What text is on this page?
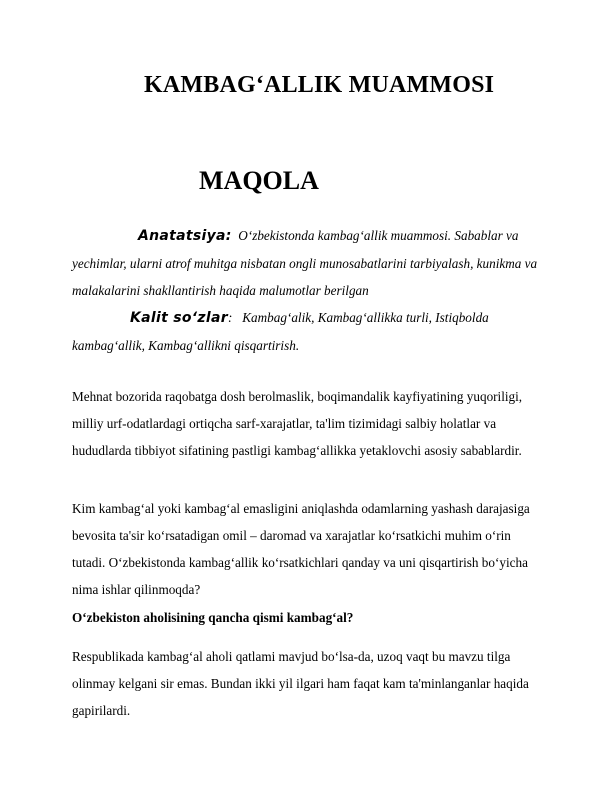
KAMBAG‘ALLIK MUAMMOSI
MAQOLA
Anatatsiya: O‘zbekistonda kambag‘allik muammosi. Sabablar va yechimlar, ularni atrof muhitga nisbatan ongli munosabatlarini tarbiyalash, kunikma va malakalarini shakllantirish haqida malumotlar berilgan
Kalit so‘zlar: Kambag‘alik, Kambag‘allikka turli, Istiqbolda kambag‘allik, Kambag‘allikni qisqartirish.
Mehnat bozorida raqobatga dosh berolmaslik, boqimandalik kayfiyatining yuqoriligi, milliy urf-odatlardagi ortiqcha sarf-xarajatlar, ta'lim tizimidagi salbiy holatlar va hududlarda tibbiyot sifatining pastligi kambag‘allikka yetaklovchi asosiy sabablardir.
Kim kambag‘al yoki kambag‘al emasligini aniqlashda odamlarning yashash darajasiga bevosita ta'sir ko‘rsatadigan omil – daromad va xarajatlar ko‘rsatkichi muhim o‘rin tutadi. O‘zbekistonda kambag‘allik ko‘rsatkichlari qanday va uni qisqartirish bo‘yicha nima ishlar qilinmoqda?
O‘zbekiston aholisining qancha qismi kambag‘al?
Respublikada kambag‘al aholi qatlami mavjud bo‘lsa-da, uzoq vaqt bu mavzu tilga olinmay kelgani sir emas. Bundan ikki yil ilgari ham faqat kam ta'minlanganlar haqida gapirilardi.
